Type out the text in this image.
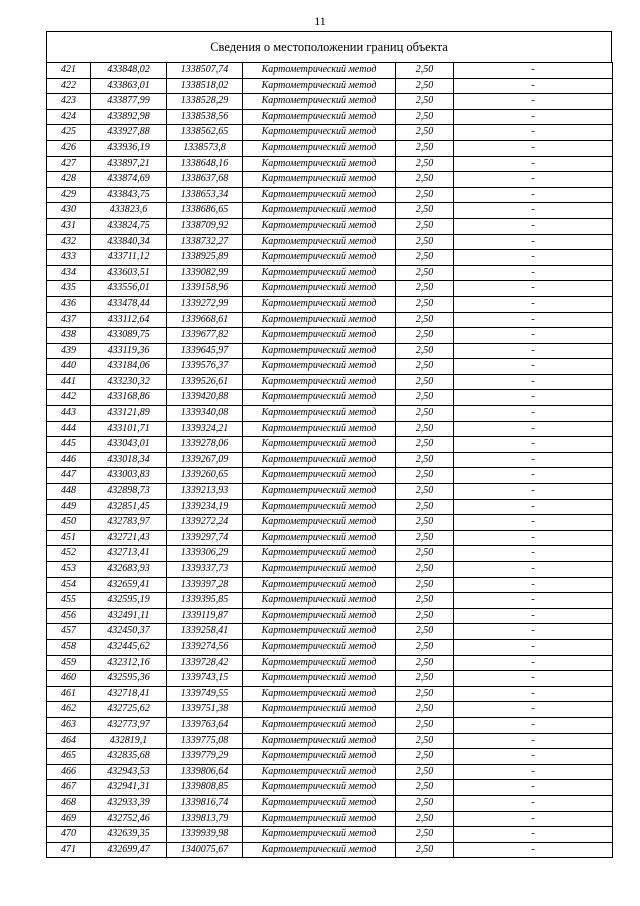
11
Сведения о местоположении границ объекта
421	433848,02	1338507,74	Картометрический метод	2,50	-
422	433863,01	1338518,02	Картометрический метод	2,50	-
423	433877,99	1338528,29	Картометрический метод	2,50	-
424	433892,98	1338538,56	Картометрический метод	2,50	-
425	433927,88	1338562,65	Картометрический метод	2,50	-
426	433936,19	1338573,8	Картометрический метод	2,50	-
427	433897,21	1338648,16	Картометрический метод	2,50	-
428	433874,69	1338637,68	Картометрический метод	2,50	-
429	433843,75	1338653,34	Картометрический метод	2,50	-
430	433823,6	1338686,65	Картометрический метод	2,50	-
431	433824,75	1338709,92	Картометрический метод	2,50	-
432	433840,34	1338732,27	Картометрический метод	2,50	-
433	433711,12	1338925,89	Картометрический метод	2,50	-
434	433603,51	1339082,99	Картометрический метод	2,50	-
435	433556,01	1339158,96	Картометрический метод	2,50	-
436	433478,44	1339272,99	Картометрический метод	2,50	-
437	433112,64	1339668,61	Картометрический метод	2,50	-
438	433089,75	1339677,82	Картометрический метод	2,50	-
439	433119,36	1339645,97	Картометрический метод	2,50	-
440	433184,06	1339576,37	Картометрический метод	2,50	-
441	433230,32	1339526,61	Картометрический метод	2,50	-
442	433168,86	1339420,88	Картометрический метод	2,50	-
443	433121,89	1339340,08	Картометрический метод	2,50	-
444	433101,71	1339324,21	Картометрический метод	2,50	-
445	433043,01	1339278,06	Картометрический метод	2,50	-
446	433018,34	1339267,09	Картометрический метод	2,50	-
447	433003,83	1339260,65	Картометрический метод	2,50	-
448	432898,73	1339213,93	Картометрический метод	2,50	-
449	432851,45	1339234,19	Картометрический метод	2,50	-
450	432783,97	1339272,24	Картометрический метод	2,50	-
451	432721,43	1339297,74	Картометрический метод	2,50	-
452	432713,41	1339306,29	Картометрический метод	2,50	-
453	432683,93	1339337,73	Картометрический метод	2,50	-
454	432659,41	1339397,28	Картометрический метод	2,50	-
455	432595,19	1339395,85	Картометрический метод	2,50	-
456	432491,11	1339119,87	Картометрический метод	2,50	-
457	432450,37	1339258,41	Картометрический метод	2,50	-
458	432445,62	1339274,56	Картометрический метод	2,50	-
459	432312,16	1339728,42	Картометрический метод	2,50	-
460	432595,36	1339743,15	Картометрический метод	2,50	-
461	432718,41	1339749,55	Картометрический метод	2,50	-
462	432725,62	1339751,38	Картометрический метод	2,50	-
463	432773,97	1339763,64	Картометрический метод	2,50	-
464	432819,1	1339775,08	Картометрический метод	2,50	-
465	432835,68	1339779,29	Картометрический метод	2,50	-
466	432943,53	1339806,64	Картометрический метод	2,50	-
467	432941,31	1339808,85	Картометрический метод	2,50	-
468	432933,39	1339816,74	Картометрический метод	2,50	-
469	432752,46	1339813,79	Картометрический метод	2,50	-
470	432639,35	1339939,98	Картометрический метод	2,50	-
471	432699,47	1340075,67	Картометрический метод	2,50	-
